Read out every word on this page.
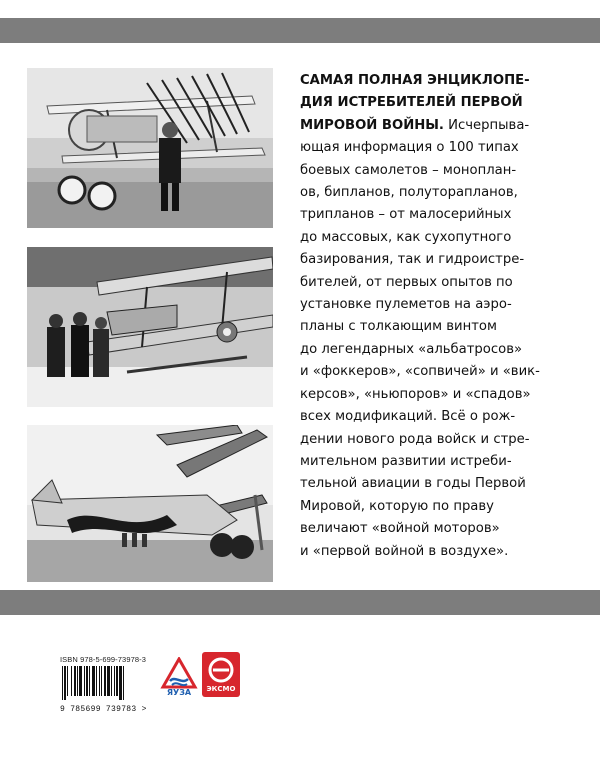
САМАЯ ПОЛНАЯ ЭНЦИКЛОПЕ-
ДИЯ ИСТРЕБИТЕЛЕЙ ПЕРВОЙ
МИРОВОЙ ВОЙНЫ. Исчерпыва-
ющая информация о 100 типах
боевых самолетов – моноплан-
ов, бипланов, полуторапланов,
трипланов – от малосерийных
до массовых, как сухопутного
базирования, так и гидроистре-
бителей, от первых опытов по
установке пулеметов на аэро-
планы с толкающим винтом
до легендарных «альбатросов»
и «фоккеров», «сопвичей» и «вик-
керсов», «ньюпоров» и «спадов»
всех модификаций. Всё о рож-
дении нового рода войск и стре-
мительном развитии истреби-
тельной авиации в годы Первой
Мировой, которую по праву
величают «войной моторов»
и «первой войной в воздухе».
ISBN 978-5-699-73978-3
9 785699 739783 >
ЯУЗА	ЭКСМО
